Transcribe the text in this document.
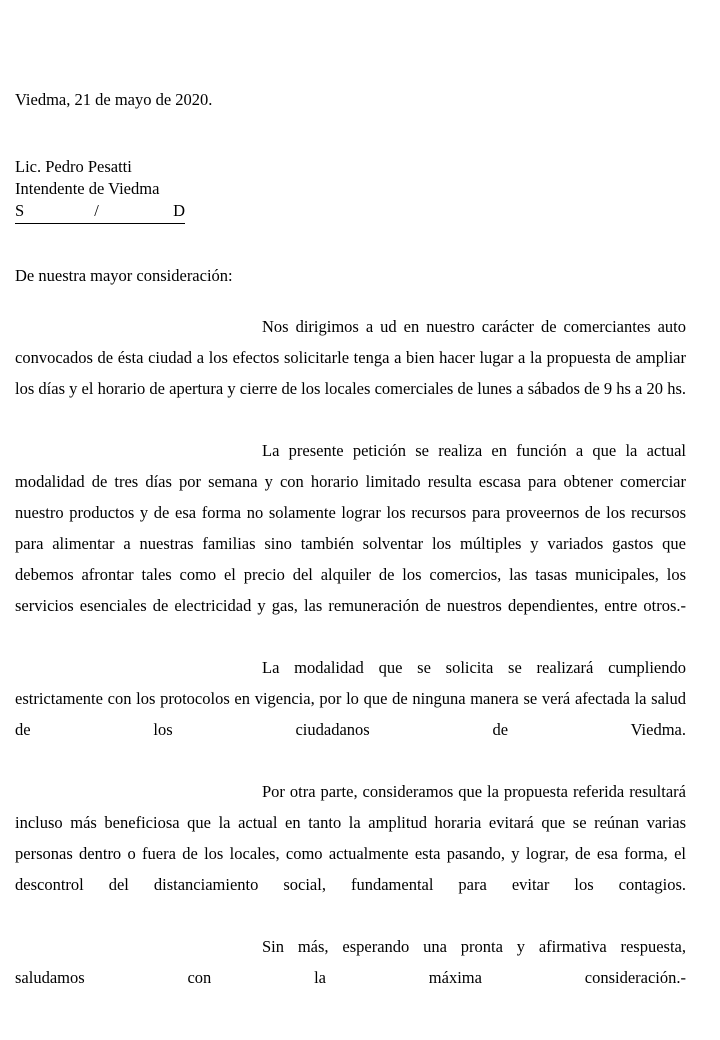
Viedma, 21 de mayo de 2020.
Lic. Pedro Pesatti
Intendente de Viedma
S                 /                  D
De nuestra mayor consideración:

Nos dirigimos a ud en nuestro carácter de comerciantes auto convocados de ésta ciudad a los efectos solicitarle tenga a bien hacer lugar a la propuesta de ampliar los días y el horario de apertura y cierre de los locales comerciales de lunes a sábados de 9 hs a 20 hs.

La presente petición se realiza en función a que la actual modalidad de tres días por semana y con horario limitado resulta escasa para obtener comerciar nuestro productos y de esa forma no solamente lograr los recursos para proveernos de los recursos para alimentar a nuestras familias sino también solventar los múltiples y variados gastos que debemos afrontar tales como el precio del alquiler de los comercios, las tasas municipales, los servicios esenciales de electricidad y gas, las remuneración de nuestros dependientes, entre otros.-

La modalidad que se solicita se realizará cumpliendo estrictamente con los protocolos en vigencia, por lo que de ninguna manera se verá afectada la salud de los ciudadanos de Viedma.

Por otra parte, consideramos que la propuesta referida resultará incluso más beneficiosa que la actual en tanto la amplitud horaria evitará que se reúnan varias personas dentro o fuera de los locales, como actualmente esta pasando, y lograr, de esa forma, el descontrol del distanciamiento social, fundamental para evitar los contagios.

Sin más, esperando una pronta y afirmativa respuesta, saludamos con la máxima consideración.-
